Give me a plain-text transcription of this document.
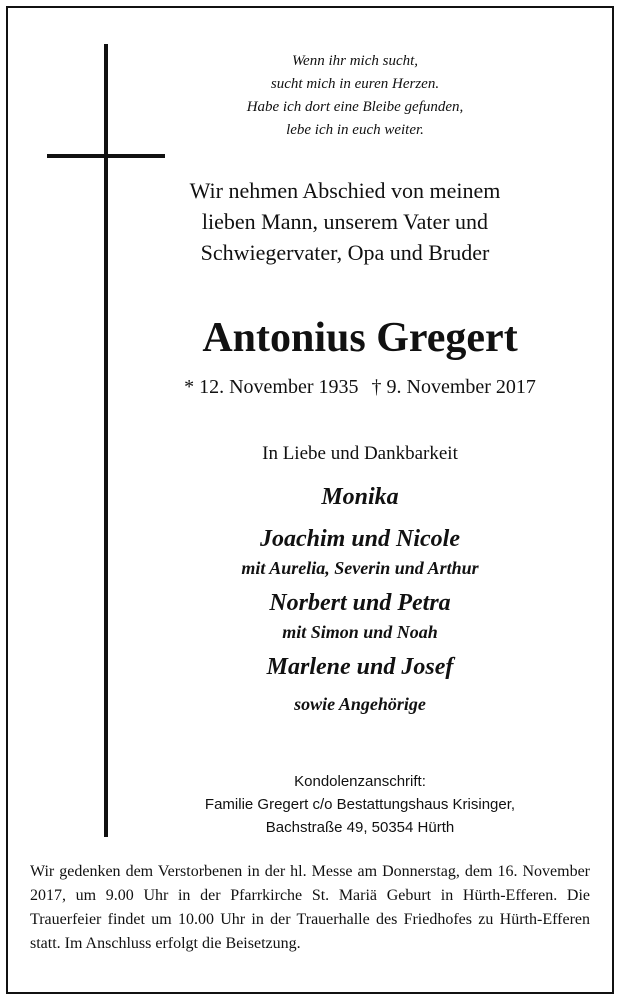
Wenn ihr mich sucht,
sucht mich in euren Herzen.
Habe ich dort eine Bleibe gefunden,
lebe ich in euch weiter.
Wir nehmen Abschied von meinem
lieben Mann, unserem Vater und
Schwiegervater, Opa und Bruder
Antonius Gregert
* 12. November 1935 † 9. November 2017
In Liebe und Dankbarkeit
Monika
Joachim und Nicole
mit Aurelia, Severin und Arthur
Norbert und Petra
mit Simon und Noah
Marlene und Josef
sowie Angehörige
Kondolenzanschrift:
Familie Gregert c/o Bestattungshaus Krisinger,
Bachstraße 49, 50354 Hürth
Wir gedenken dem Verstorbenen in der hl. Messe am Donnerstag, dem 16. November 2017, um 9.00 Uhr in der Pfarrkirche St. Mariä Geburt in Hürth-Efferen. Die Trauerfeier findet um 10.00 Uhr in der Trauerhalle des Friedhofes zu Hürth-Efferen statt. Im Anschluss erfolgt die Beisetzung.
